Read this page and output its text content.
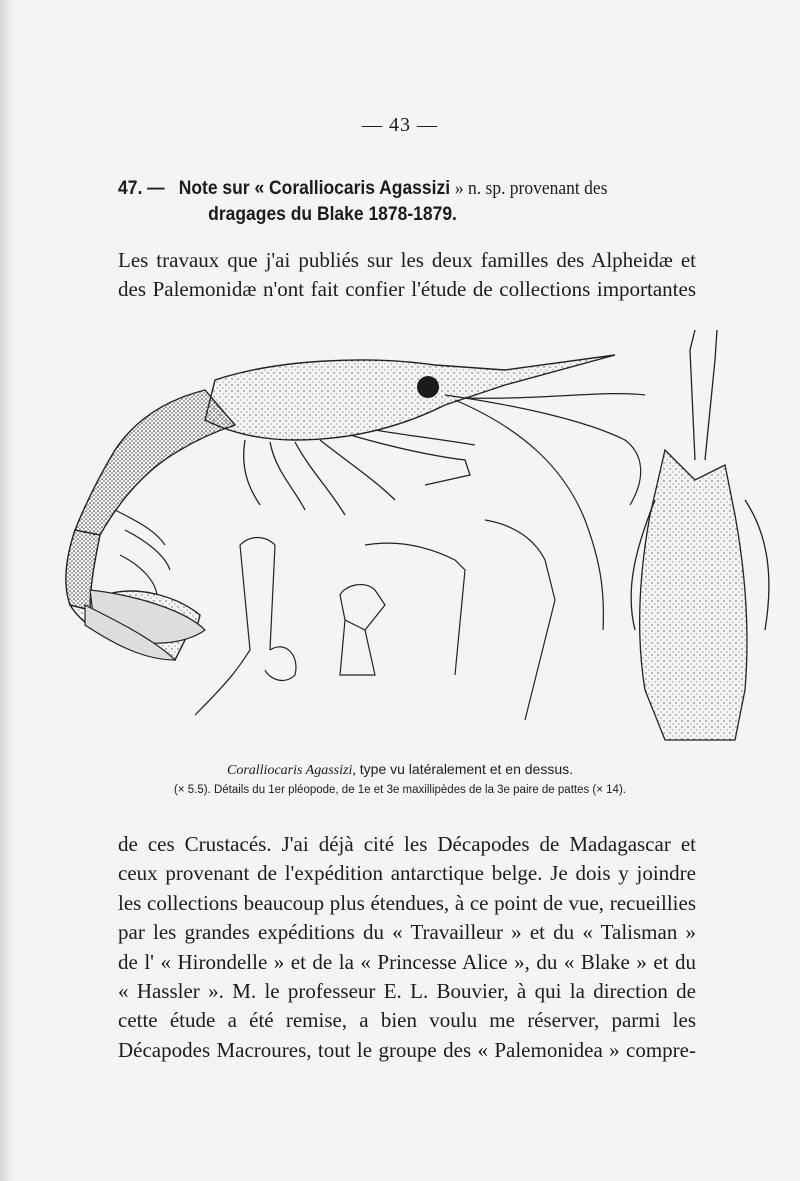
— 43 —
47. — Note sur « Coralliocaris Agassizi » n. sp. provenant des
dragages du Blake 1878-1879.
Les travaux que j'ai publiés sur les deux familles des Alpheidæ et
des Palemonidæ n'ont fait confier l'étude de collections importantes
Coralliocaris Agassizi, type vu latéralement et en dessus.
(× 5.5). Détails du 1er pléopode, de 1e et 3e maxillipèdes de la 3e paire de pattes (× 14).
de ces Crustacés. J'ai déjà cité les Décapodes de Madagascar et
ceux provenant de l'expédition antarctique belge. Je dois y joindre
les collections beaucoup plus étendues, à ce point de vue, recueillies
par les grandes expéditions du « Travailleur » et du « Talisman »
de l' « Hirondelle » et de la « Princesse Alice », du « Blake » et du
« Hassler ». M. le professeur E. L. Bouvier, à qui la direction de
cette étude a été remise, a bien voulu me réserver, parmi les
Décapodes Macroures, tout le groupe des « Palemonidea » compre-
